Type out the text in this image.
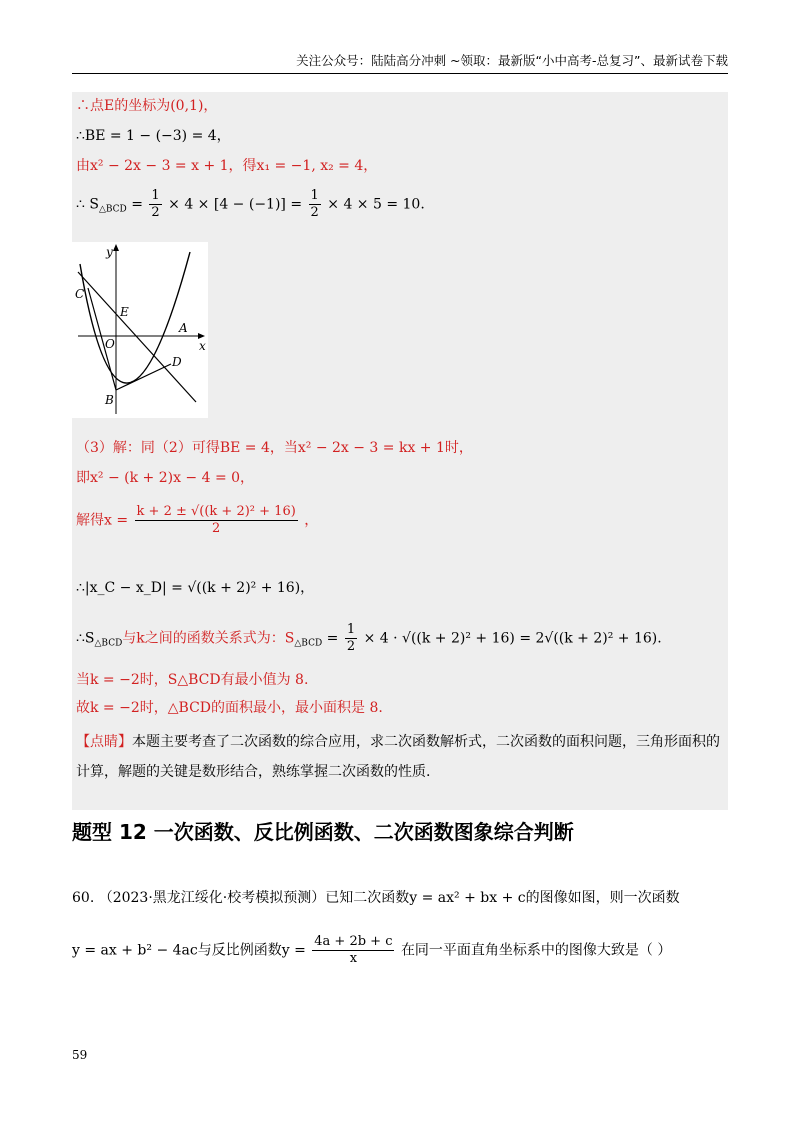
关注公众号：陆陆高分冲刺 ~领取：最新版“小中高考-总复习”、最新试卷下载
∴点E的坐标为(0,1)，
∴BE = 1 − (−3) = 4，
由x² − 2x − 3 = x + 1，得x₁ = −1, x₂ = 4，
∴ $S_{\triangle BCD} = \frac{1}{2} \times 4 \times [4 - (-1)] = \frac{1}{2} \times 4 \times 5 = 10$.
y
x
C
E
A
O
D
B
（3）解：同（2）可得BE = 4，当x² − 2x − 3 = kx + 1时，
即x² − (k + 2)x − 4 = 0，
解得$x = \frac{\text{k + 2 ± √((k + 2)² + 16)}}{2}$ ，
∴|x_C − x_D| = √((k + 2)² + 16)，
$\therefore S_{\triangle BCD}$与k之间的函数关系式为：$S_{\triangle BCD} = \frac{1}{2} \times 4 \cdot √((k + 2)^2 + 16) = 2√((k + 2)^2 + 16)$.
当k = −2时，S△BCD有最小值为 8.
故k = −2时，△BCD的面积最小，最小面积是 8.
【点睛】本题主要考查了二次函数的综合应用，求二次函数解析式，二次函数的面积问题，三角形面积的
计算，解题的关键是数形结合，熟练掌握二次函数的性质.
题型 12 一次函数、反比例函数、二次函数图象综合判断
60. （2023·黑龙江绥化·校考模拟预测）已知二次函数y = ax² + bx + c的图像如图，则一次函数
y = ax + b² − 4ac与反比例函数$y = \frac{4a + 2b + c}{x}$ 在同一平面直角坐标系中的图像大致是（ ）
59
